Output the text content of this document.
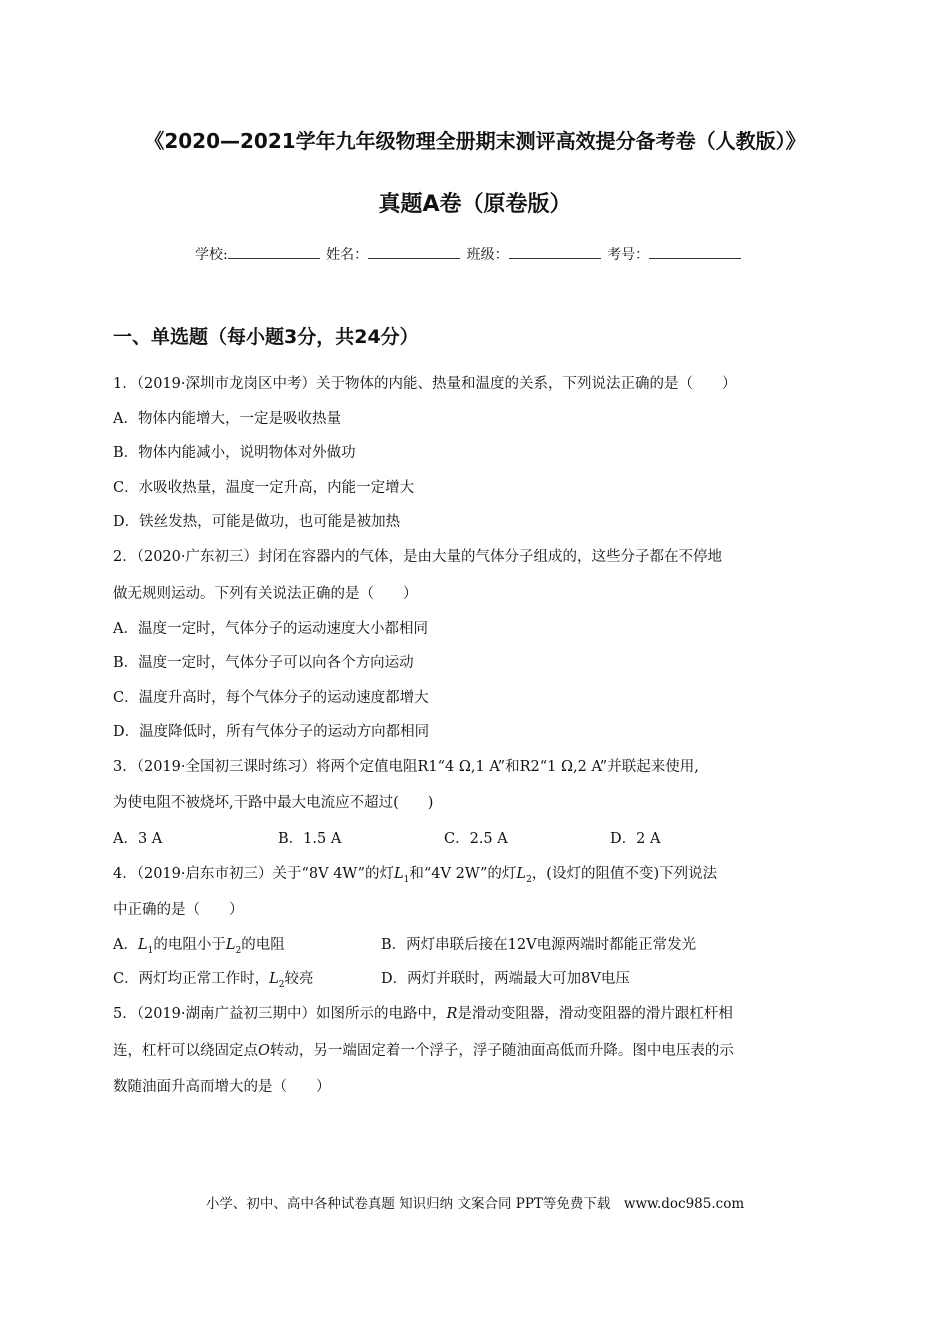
《2020—2021学年九年级物理全册期末测评高效提分备考卷（人教版）》
真题A卷（原卷版）
学校:	姓名：	班级：	考号：
一、单选题（每小题3分，共24分）
1．（2019·深圳市龙岗区中考）关于物体的内能、热量和温度的关系，下列说法正确的是（　　）
A．物体内能增大，一定是吸收热量
B．物体内能减小，说明物体对外做功
C．水吸收热量，温度一定升高，内能一定增大
D．铁丝发热，可能是做功，也可能是被加热
2．（2020·广东初三）封闭在容器内的气体，是由大量的气体分子组成的，这些分子都在不停地
做无规则运动。下列有关说法正确的是（　　）
A．温度一定时，气体分子的运动速度大小都相同
B．温度一定时，气体分子可以向各个方向运动
C．温度升高时，每个气体分子的运动速度都增大
D．温度降低时，所有气体分子的运动方向都相同
3．（2019·全国初三课时练习）将两个定值电阻R1“4 Ω,1 A”和R2“1 Ω,2 A”并联起来使用,
为使电阻不被烧坏,干路中最大电流应不超过(　　)
A．3 A	B．1.5 A	C．2.5 A	D．2 A
4．（2019·启东市初三）关于“8V 4W”的灯$L_1$和“4V 2W”的灯$L_2$，(设灯的阻值不变)下列说法
中正确的是（　　）
A．$L_1$的电阻小于$L_2$的电阻	B．两灯串联后接在12V电源两端时都能正常发光
C．两灯均正常工作时，$L_2$较亮	D．两灯并联时，两端最大可加8V电压
5．（2019·湖南广益初三期中）如图所示的电路中，R是滑动变阻器，滑动变阻器的滑片跟杠杆相
连，杠杆可以绕固定点O转动，另一端固定着一个浮子，浮子随油面高低而升降。图中电压表的示
数随油面升高而增大的是（　　）
小学、初中、高中各种试卷真题 知识归纳 文案合同 PPT等免费下载　www.doc985.com
